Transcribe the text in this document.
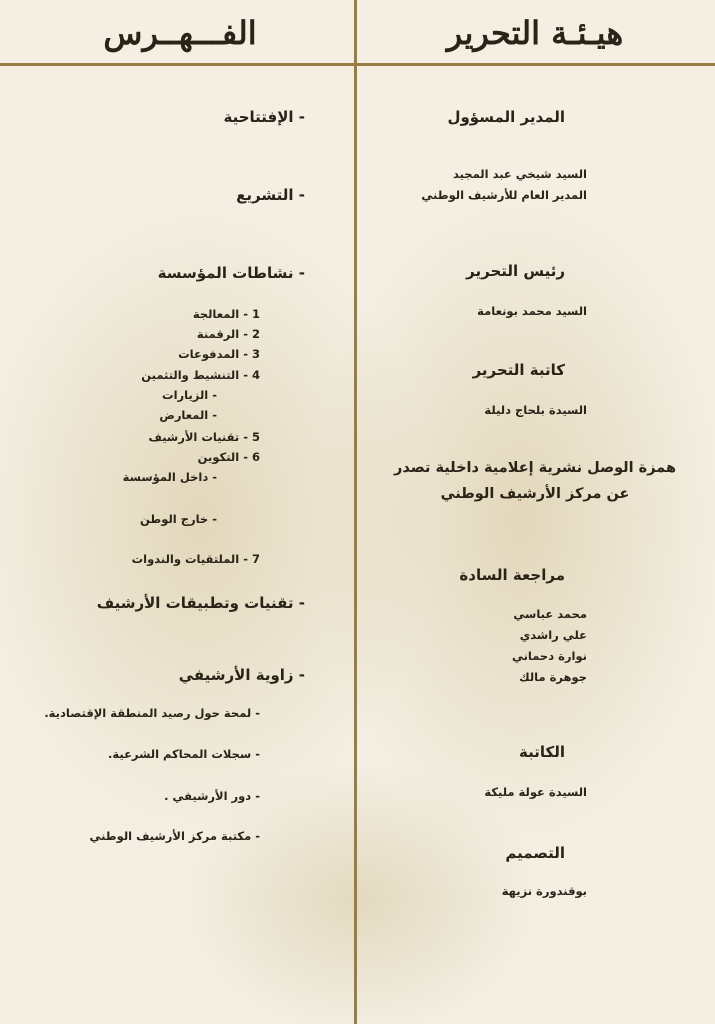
الفـــهــرس	هيـئـة التحرير
المدير المسؤول
السيد شيخي عبد المجيد
المدير العام للأرشيف الوطني
رئيس التحرير
السيد محمد بونعامة
كاتبة التحرير
السيدة بلحاج دليلة
همزة الوصل نشرية إعلامية داخلية تصدر
عن مركز الأرشيف الوطني
مراجعة السادة
محمد عباسي
علي راشدي
نوارة دحماني
جوهرة مالك
الكاتبة
السيدة عولة مليكة
التصميم
بوقندورة نزيهة
- الإفتتاحية
- التشريع
- نشاطات المؤسسة
1 - المعالجة
2 - الرقمنة
3 - المدفوعات
4 - التنشيط والتثمين
- الزيارات
- المعارض
5 - تقنيات الأرشيف
6 - التكوين
- داخل المؤسسة
- خارج الوطن
7 - الملتقيات والندوات
- تقنيات وتطبيقات الأرشيف
- زاوية الأرشيفي
- لمحة حول رصيد المنطقة الإقتصادية.
- سجلات المحاكم الشرعية.
- دور الأرشيفي .
- مكتبة مركز الأرشيف الوطني
